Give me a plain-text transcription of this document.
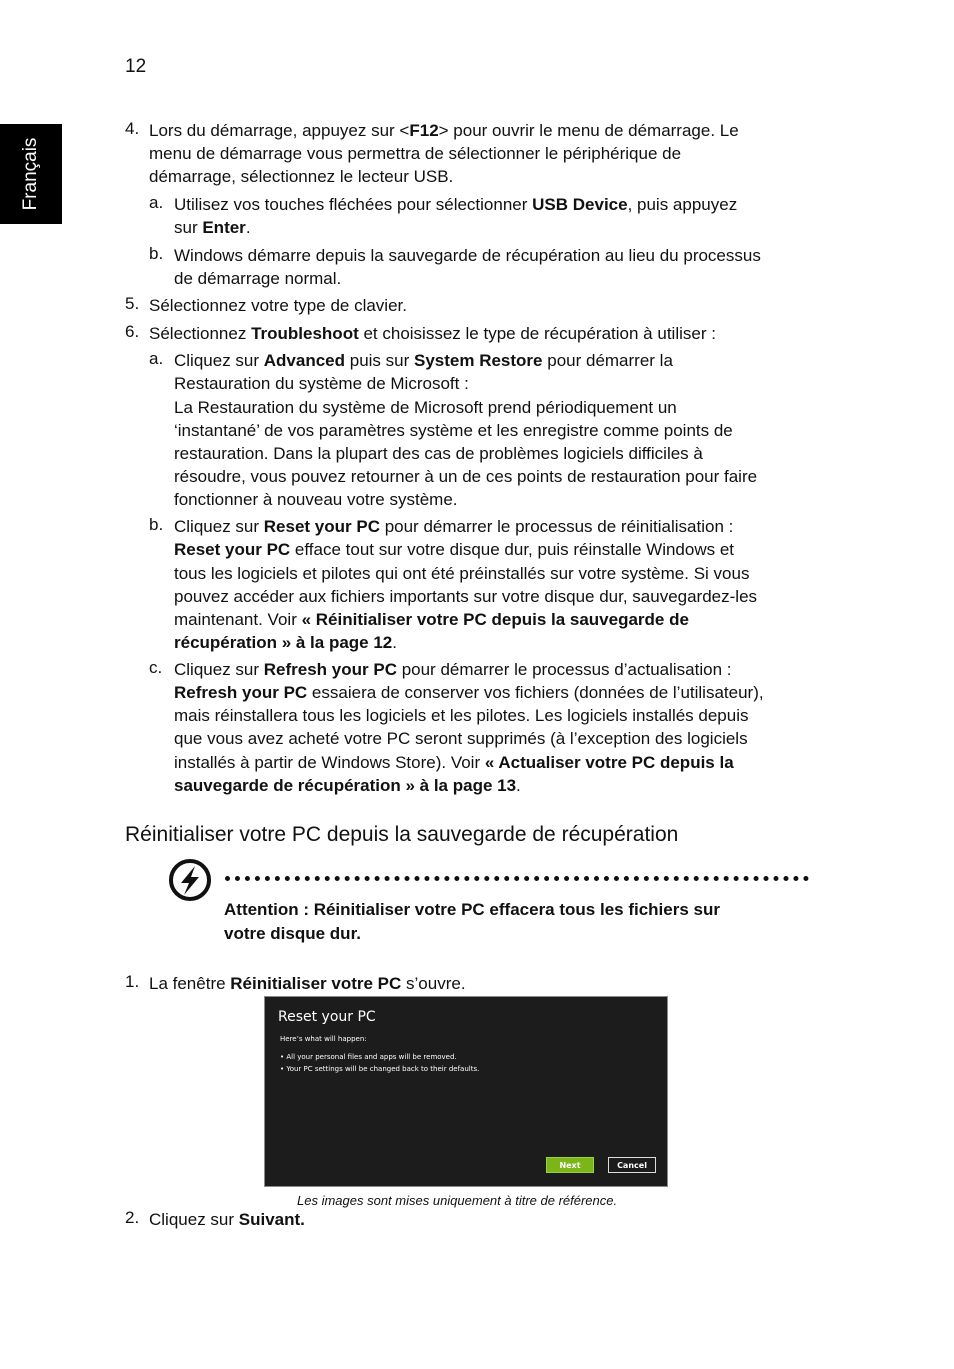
12
Français
4. Lors du démarrage, appuyez sur <F12> pour ouvrir le menu de démarrage. Le
menu de démarrage vous permettra de sélectionner le périphérique de
démarrage, sélectionnez le lecteur USB.
a. Utilisez vos touches fléchées pour sélectionner USB Device, puis appuyez
sur Enter.
b. Windows démarre depuis la sauvegarde de récupération au lieu du processus
de démarrage normal.
5. Sélectionnez votre type de clavier.
6. Sélectionnez Troubleshoot et choisissez le type de récupération à utiliser :
a. Cliquez sur Advanced puis sur System Restore pour démarrer la
Restauration du système de Microsoft :
La Restauration du système de Microsoft prend périodiquement un
‘instantané’ de vos paramètres système et les enregistre comme points de
restauration. Dans la plupart des cas de problèmes logiciels difficiles à
résoudre, vous pouvez retourner à un de ces points de restauration pour faire
fonctionner à nouveau votre système.
b. Cliquez sur Reset your PC pour démarrer le processus de réinitialisation :
Reset your PC efface tout sur votre disque dur, puis réinstalle Windows et
tous les logiciels et pilotes qui ont été préinstallés sur votre système. Si vous
pouvez accéder aux fichiers importants sur votre disque dur, sauvegardez-les
maintenant. Voir « Réinitialiser votre PC depuis la sauvegarde de
récupération » à la page 12.
c. Cliquez sur Refresh your PC pour démarrer le processus d’actualisation :
Refresh your PC essaiera de conserver vos fichiers (données de l’utilisateur),
mais réinstallera tous les logiciels et les pilotes. Les logiciels installés depuis
que vous avez acheté votre PC seront supprimés (à l’exception des logiciels
installés à partir de Windows Store). Voir « Actualiser votre PC depuis la
sauvegarde de récupération » à la page 13.
Réinitialiser votre PC depuis la sauvegarde de récupération
Attention : Réinitialiser votre PC effacera tous les fichiers sur
votre disque dur.
1. La fenêtre Réinitialiser votre PC s’ouvre.
Reset your PC
Here’s what will happen:
• All your personal files and apps will be removed.
• Your PC settings will be changed back to their defaults.
Next	Cancel
Les images sont mises uniquement à titre de référence.
2. Cliquez sur Suivant.
